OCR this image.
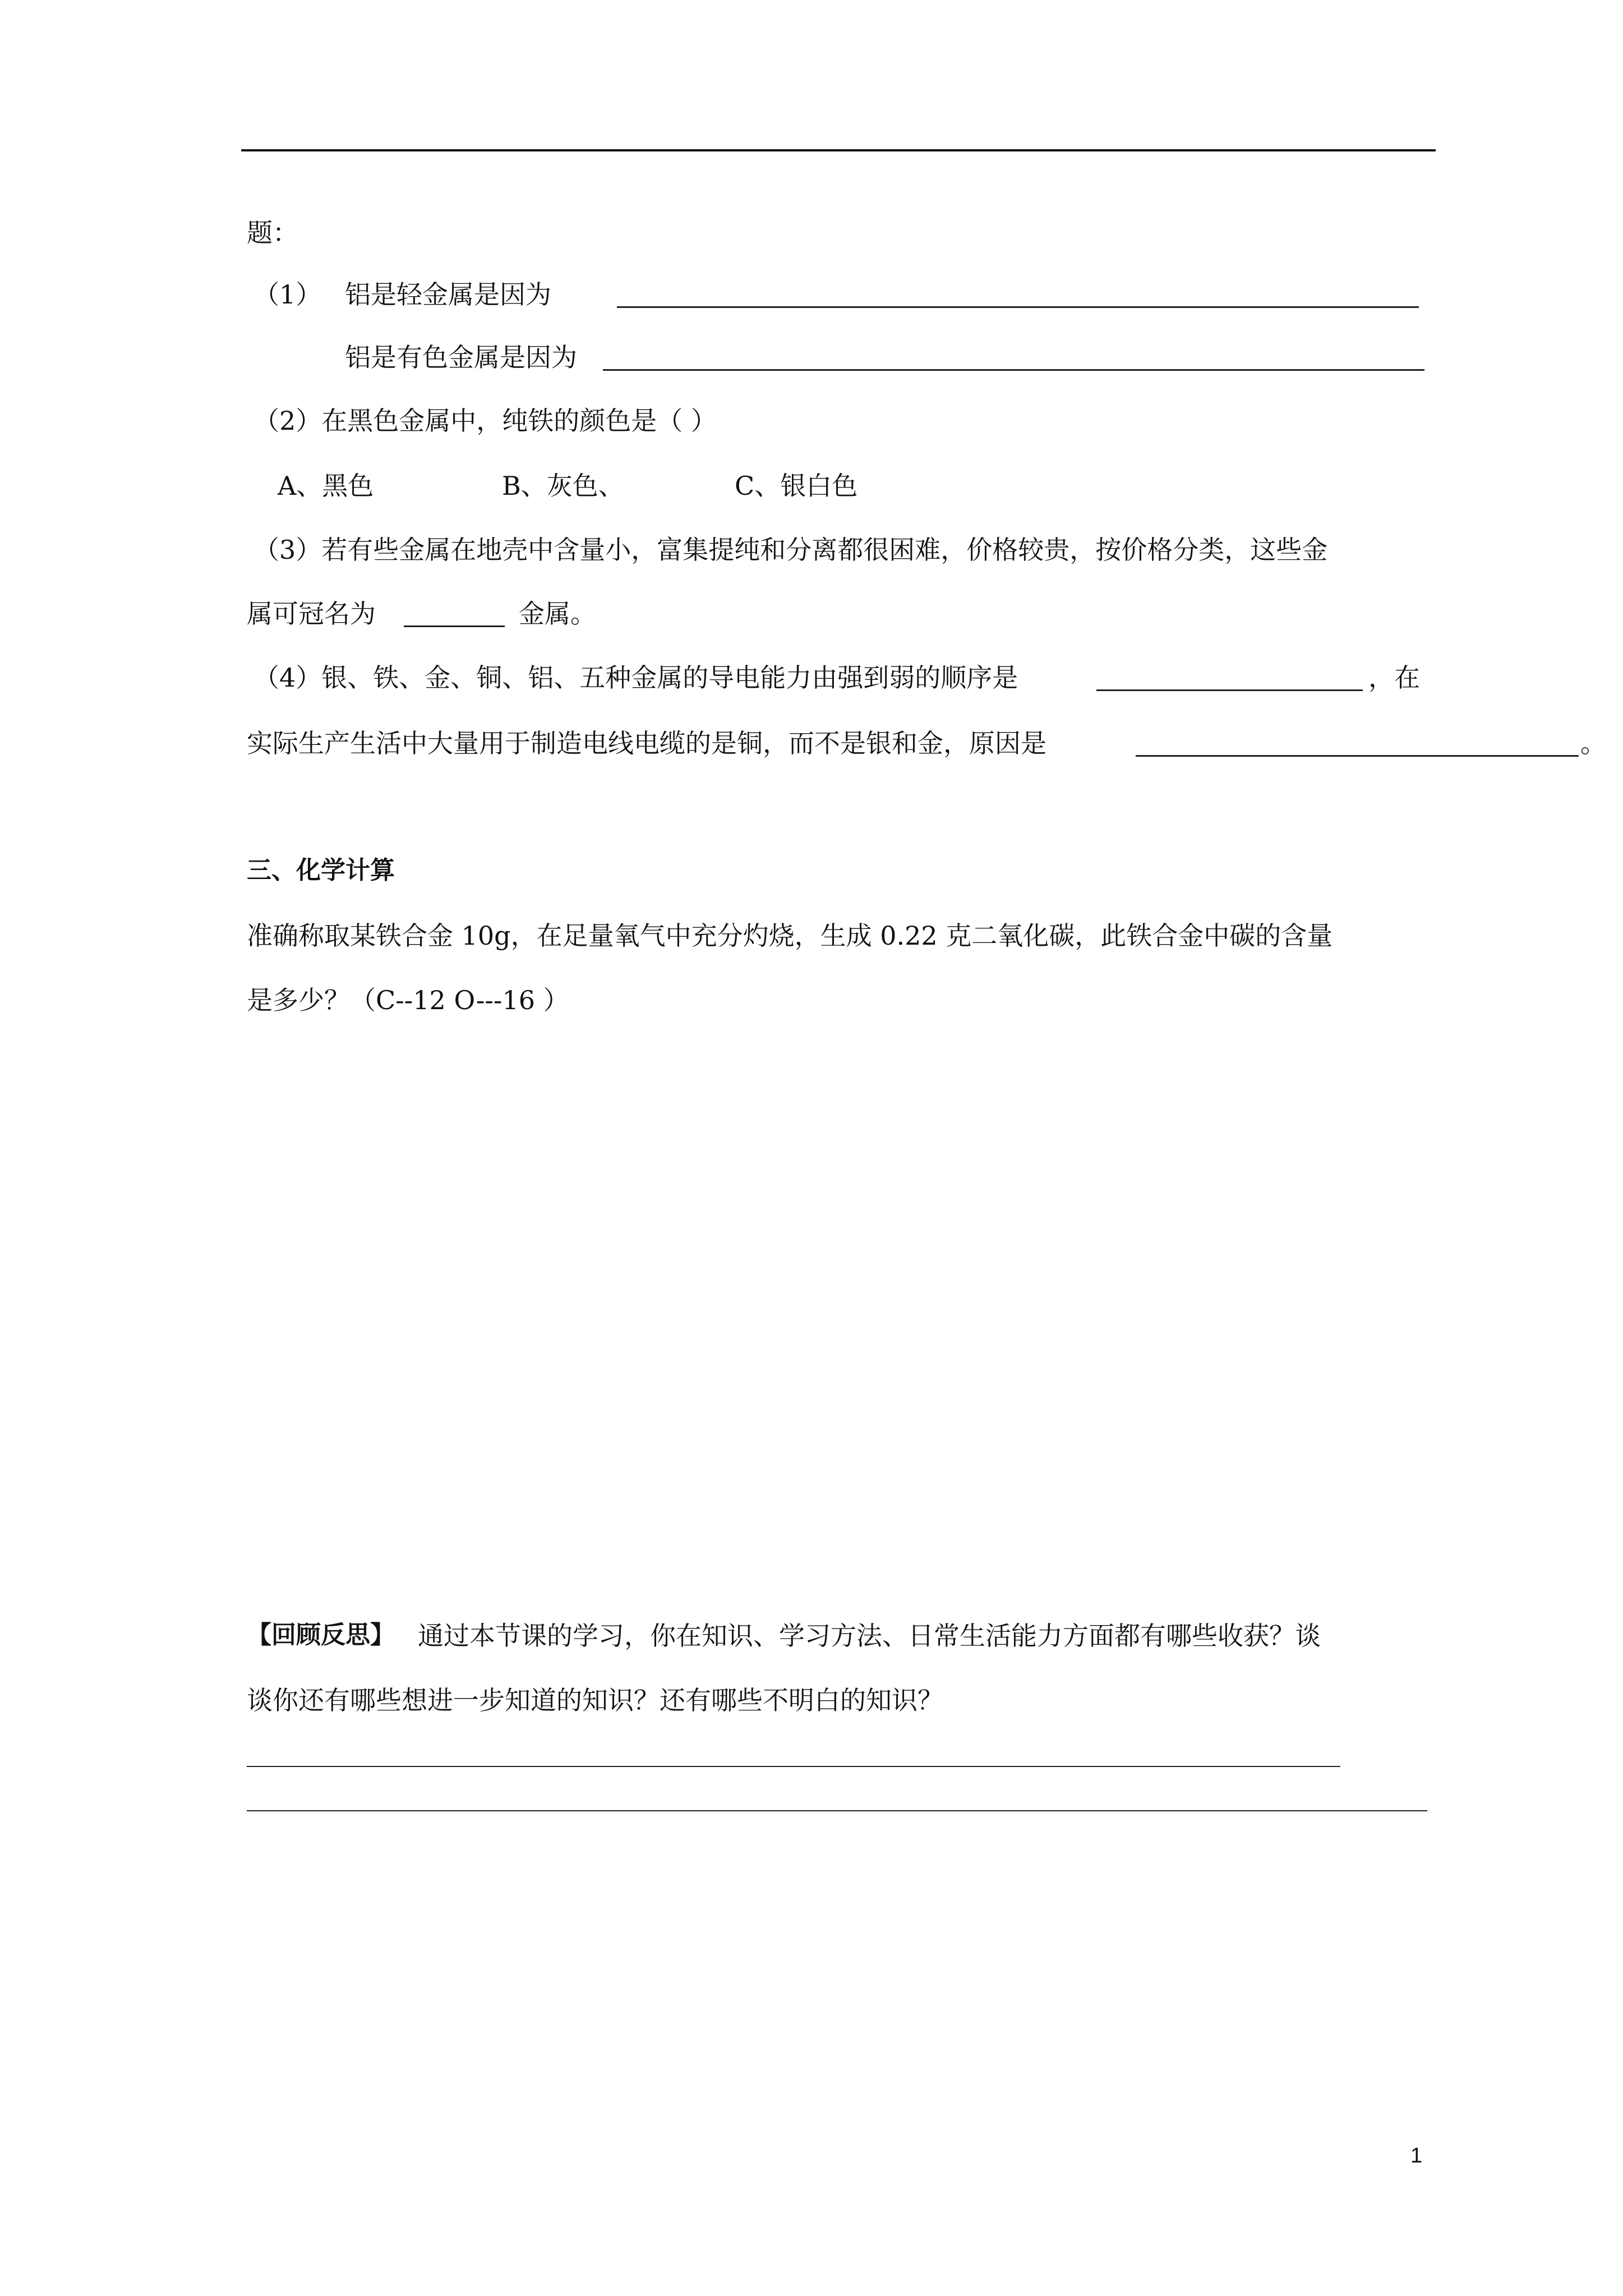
题：
（1） 铝是轻金属是因为
铝是有色金属是因为
（2）在黑色金属中，纯铁的颜色是（ ）
A、黑色	B、灰色、	C、银白色
（3）若有些金属在地壳中含量小，富集提纯和分离都很困难，价格较贵，按价格分类，这些金
属可冠名为	金属。
（4）银、铁、金、铜、铝、五种金属的导电能力由强到弱的顺序是	，在
实际生产生活中大量用于制造电线电缆的是铜，而不是银和金，原因是	。
三、化学计算
准确称取某铁合金 10g，在足量氧气中充分灼烧，生成 0.22 克二氧化碳，此铁合金中碳的含量
是多少？（C--12 O---16 ）
【回顾反思】 通过本节课的学习，你在知识、学习方法、日常生活能力方面都有哪些收获？谈
谈你还有哪些想进一步知道的知识？还有哪些不明白的知识？
1
